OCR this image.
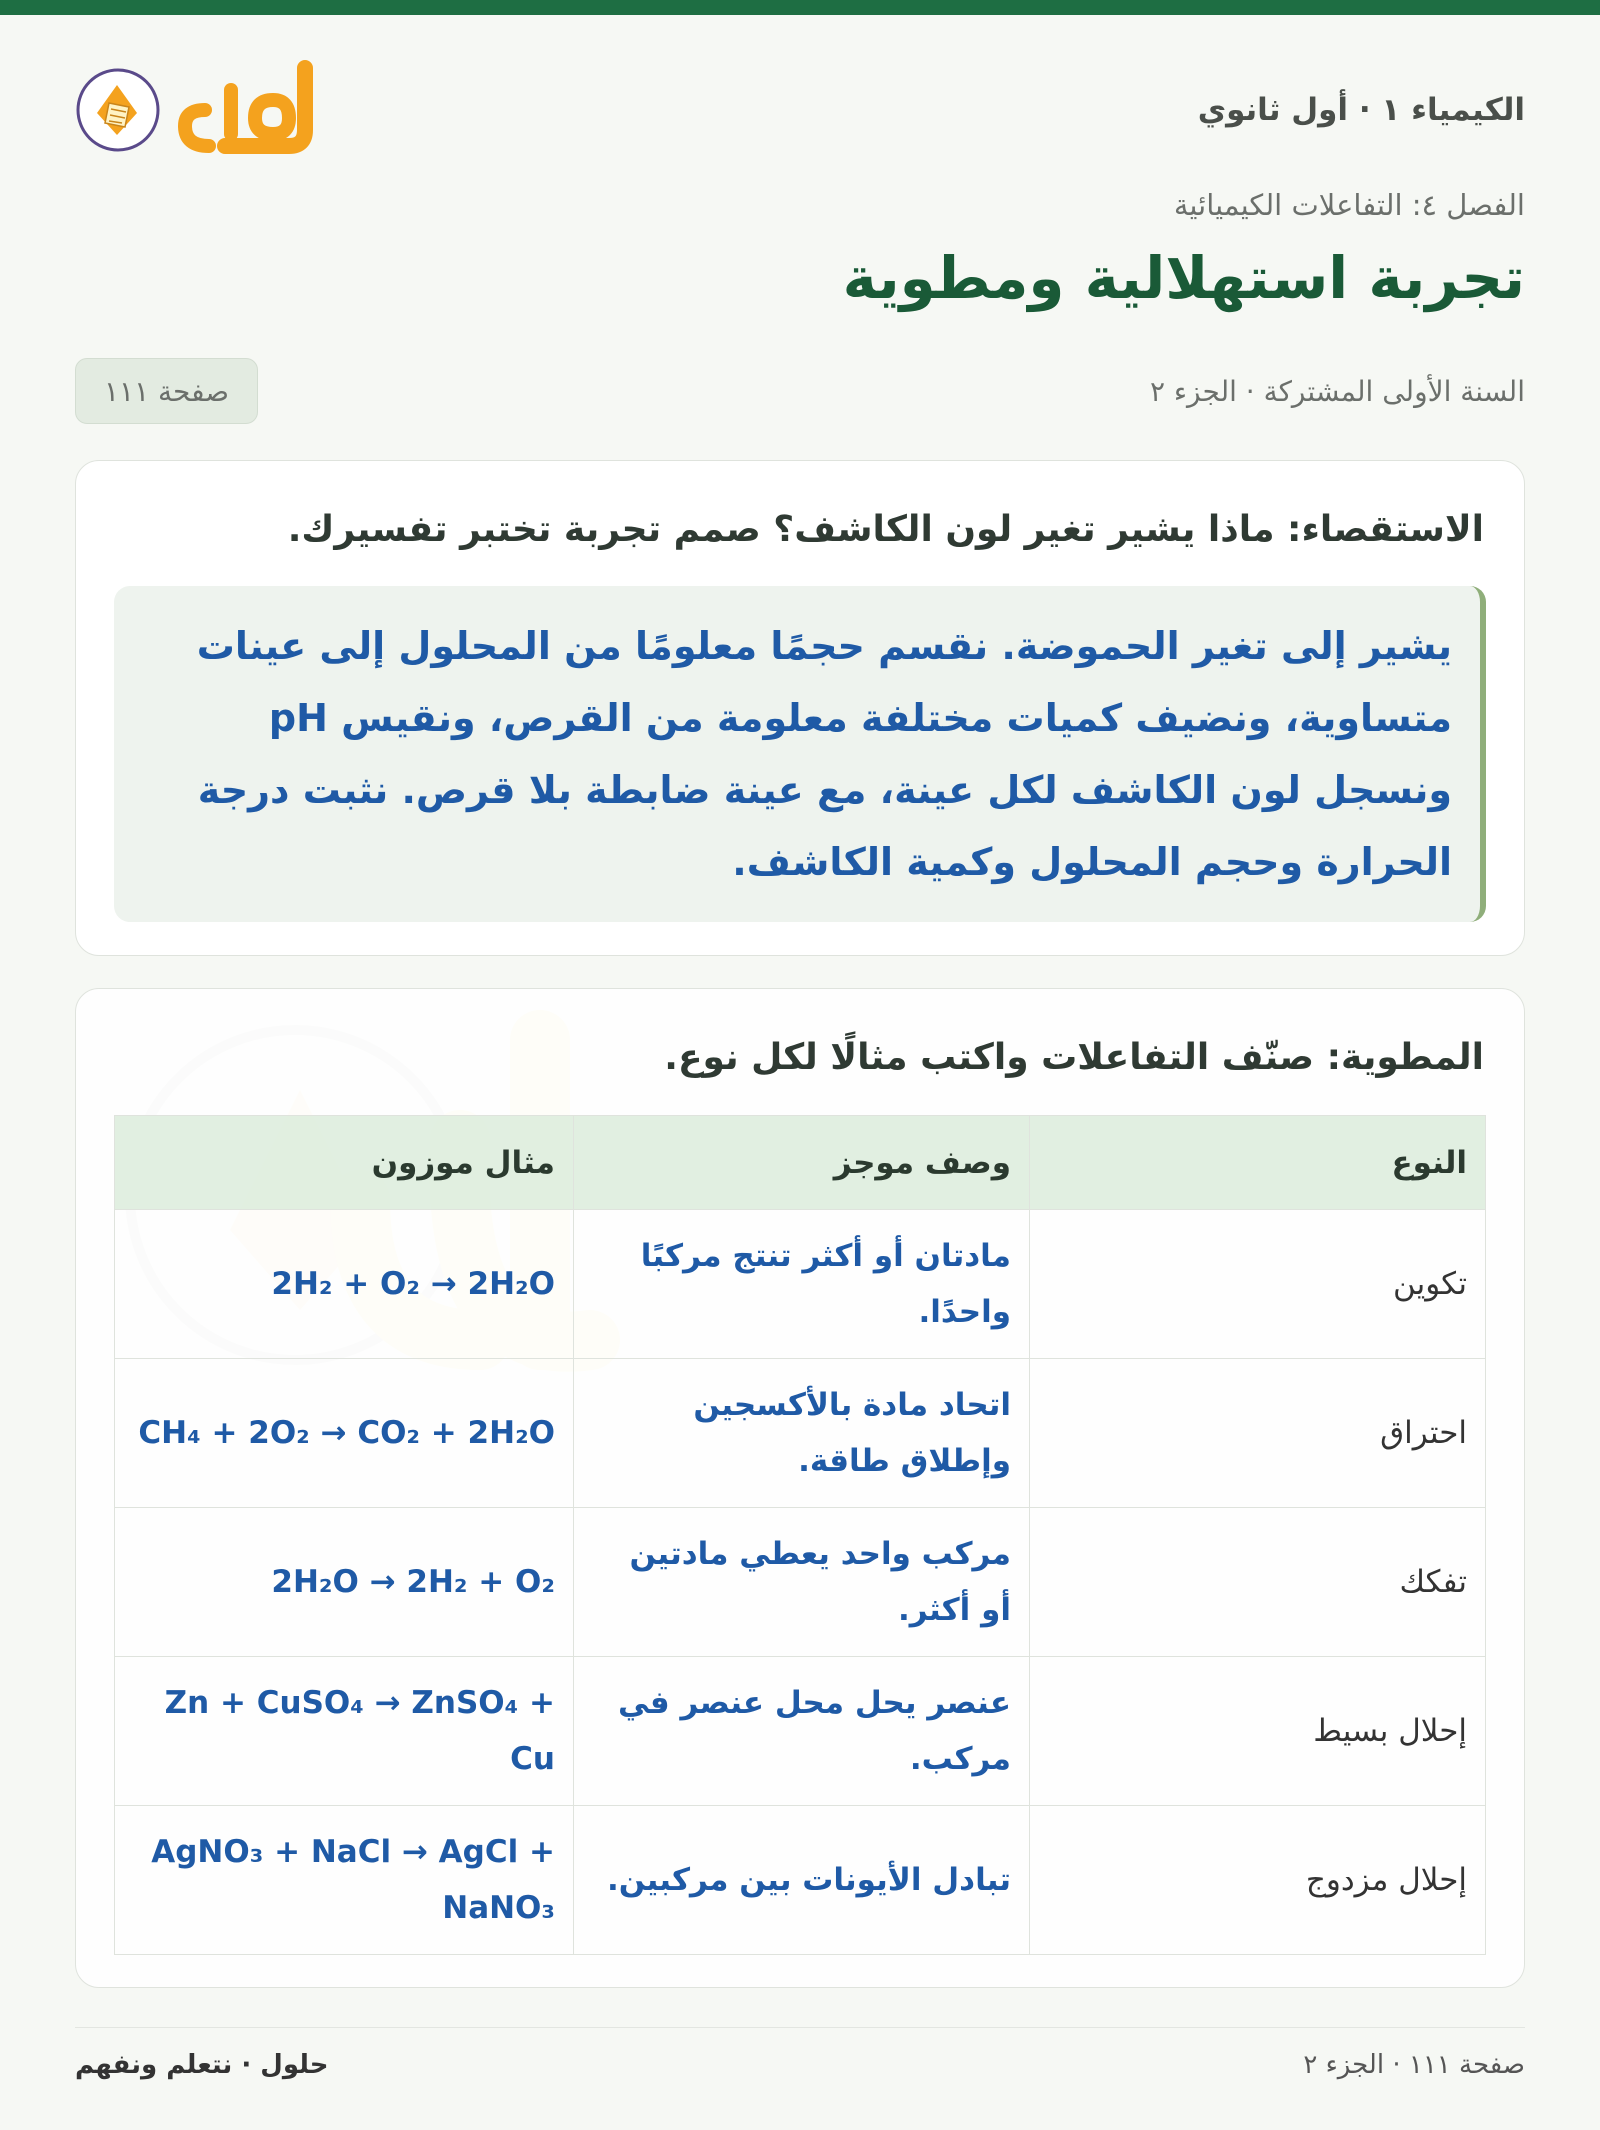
الكيمياء ١ · أول ثانوي
الفصل ٤: التفاعلات الكيميائية
تجربة استهلالية ومطوية
السنة الأولى المشتركة · الجزء ٢
صفحة ١١١
الاستقصاء: ماذا يشير تغير لون الكاشف؟ صمم تجربة تختبر تفسيرك.
يشير إلى تغير الحموضة. نقسم حجمًا معلومًا من المحلول إلى عينات متساوية، ونضيف كميات مختلفة معلومة من القرص، ونقيس pH ونسجل لون الكاشف لكل عينة، مع عينة ضابطة بلا قرص. نثبت درجة الحرارة وحجم المحلول وكمية الكاشف.
المطوية: صنّف التفاعلات واكتب مثالًا لكل نوع.
النوع	وصف موجز	مثال موزون
تكوين	مادتان أو أكثر تنتج مركبًا واحدًا.	2H₂ + O₂ → 2H₂O
احتراق	اتحاد مادة بالأكسجين وإطلاق طاقة.	CH₄ + 2O₂ → CO₂ + 2H₂O
تفكك	مركب واحد يعطي مادتين أو أكثر.	2H₂O → 2H₂ + O₂
إحلال بسيط	عنصر يحل محل عنصر في مركب.	Zn + CuSO₄ → ZnSO₄ + Cu
إحلال مزدوج	تبادل الأيونات بين مركبين.	AgNO₃ + NaCl → AgCl + NaNO₃
صفحة ١١١ · الجزء ٢
حلول · نتعلم ونفهم
